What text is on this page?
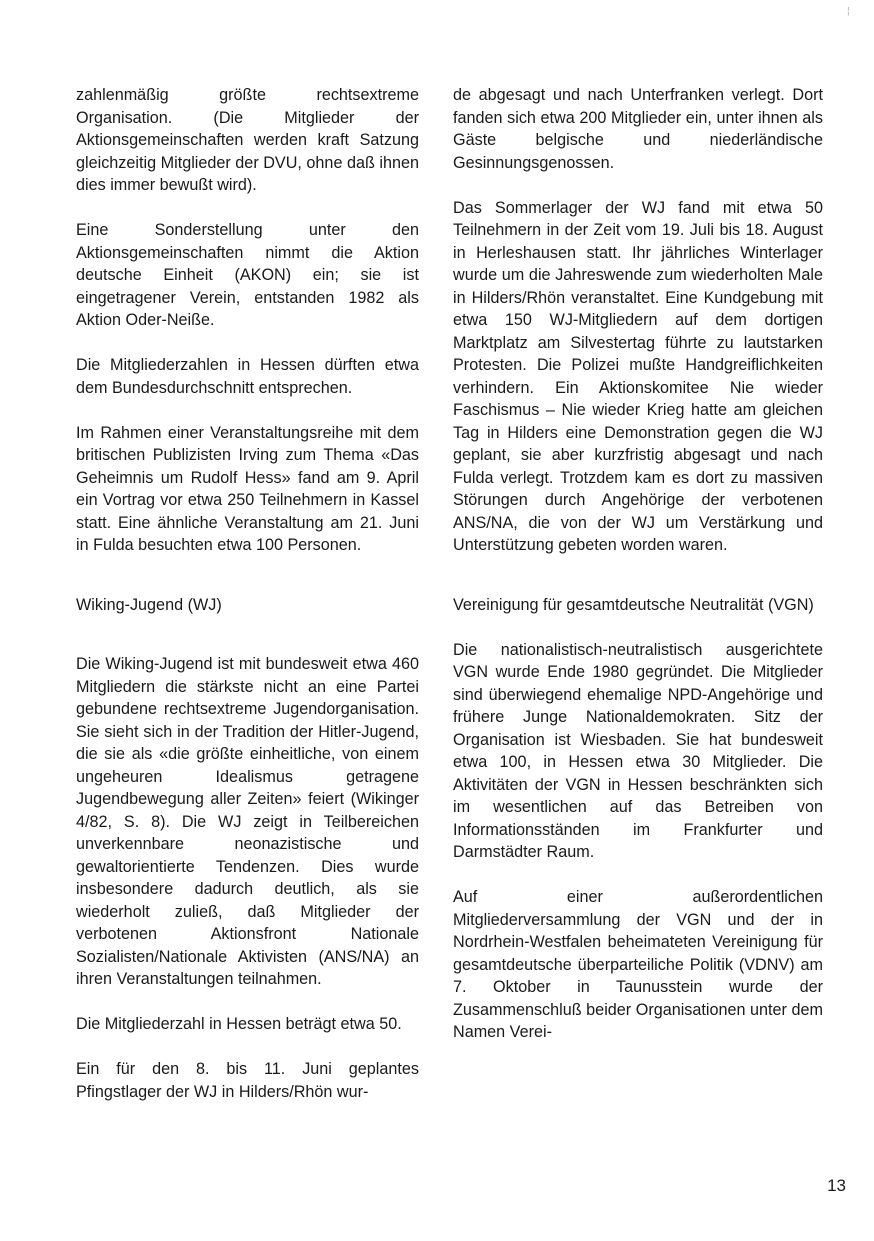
¦

zahlenmäßig größte rechtsextreme Organisation. (Die Mitglieder der Aktionsgemeinschaften werden kraft Satzung gleichzeitig Mitglieder der DVU, ohne daß ihnen dies immer bewußt wird).

Eine Sonderstellung unter den Aktionsgemeinschaften nimmt die Aktion deutsche Einheit (AKON) ein; sie ist eingetragener Verein, entstanden 1982 als Aktion Oder-Neiße.

Die Mitgliederzahlen in Hessen dürften etwa dem Bundesdurchschnitt entsprechen.

Im Rahmen einer Veranstaltungsreihe mit dem britischen Publizisten Irving zum Thema «Das Geheimnis um Rudolf Hess» fand am 9. April ein Vortrag vor etwa 250 Teilnehmern in Kassel statt. Eine ähnliche Veranstaltung am 21. Juni in Fulda besuchten etwa 100 Personen.

Wiking-Jugend (WJ)

Die Wiking-Jugend ist mit bundesweit etwa 460 Mitgliedern die stärkste nicht an eine Partei gebundene rechtsextreme Jugendorganisation. Sie sieht sich in der Tradition der Hitler-Jugend, die sie als «die größte einheitliche, von einem ungeheuren Idealismus getragene Jugendbewegung aller Zeiten» feiert (Wikinger 4/82, S. 8). Die WJ zeigt in Teilbereichen unverkennbare neonazistische und gewaltorientierte Tendenzen. Dies wurde insbesondere dadurch deutlich, als sie wiederholt zuließ, daß Mitglieder der verbotenen Aktionsfront Nationale Sozialisten/Nationale Aktivisten (ANS/NA) an ihren Veranstaltungen teilnahmen.

Die Mitgliederzahl in Hessen beträgt etwa 50.

Ein für den 8. bis 11. Juni geplantes Pfingstlager der WJ in Hilders/Rhön wur-

de abgesagt und nach Unterfranken verlegt. Dort fanden sich etwa 200 Mitglieder ein, unter ihnen als Gäste belgische und niederländische Gesinnungsgenossen.

Das Sommerlager der WJ fand mit etwa 50 Teilnehmern in der Zeit vom 19. Juli bis 18. August in Herleshausen statt. Ihr jährliches Winterlager wurde um die Jahreswende zum wiederholten Male in Hilders/Rhön veranstaltet. Eine Kundgebung mit etwa 150 WJ-Mitgliedern auf dem dortigen Marktplatz am Silvestertag führte zu lautstarken Protesten. Die Polizei mußte Handgreiflichkeiten verhindern. Ein Aktionskomitee Nie wieder Faschismus – Nie wieder Krieg hatte am gleichen Tag in Hilders eine Demonstration gegen die WJ geplant, sie aber kurzfristig abgesagt und nach Fulda verlegt. Trotzdem kam es dort zu massiven Störungen durch Angehörige der verbotenen ANS/NA, die von der WJ um Verstärkung und Unterstützung gebeten worden waren.

Vereinigung für gesamtdeutsche Neutralität (VGN)

Die nationalistisch-neutralistisch ausgerichtete VGN wurde Ende 1980 gegründet. Die Mitglieder sind überwiegend ehemalige NPD-Angehörige und frühere Junge Nationaldemokraten. Sitz der Organisation ist Wiesbaden. Sie hat bundesweit etwa 100, in Hessen etwa 30 Mitglieder. Die Aktivitäten der VGN in Hessen beschränkten sich im wesentlichen auf das Betreiben von Informationsständen im Frankfurter und Darmstädter Raum.

Auf einer außerordentlichen Mitgliederversammlung der VGN und der in Nordrhein-Westfalen beheimateten Vereinigung für gesamtdeutsche überparteiliche Politik (VDNV) am 7. Oktober in Taunusstein wurde der Zusammenschluß beider Organisationen unter dem Namen Verei-

13
